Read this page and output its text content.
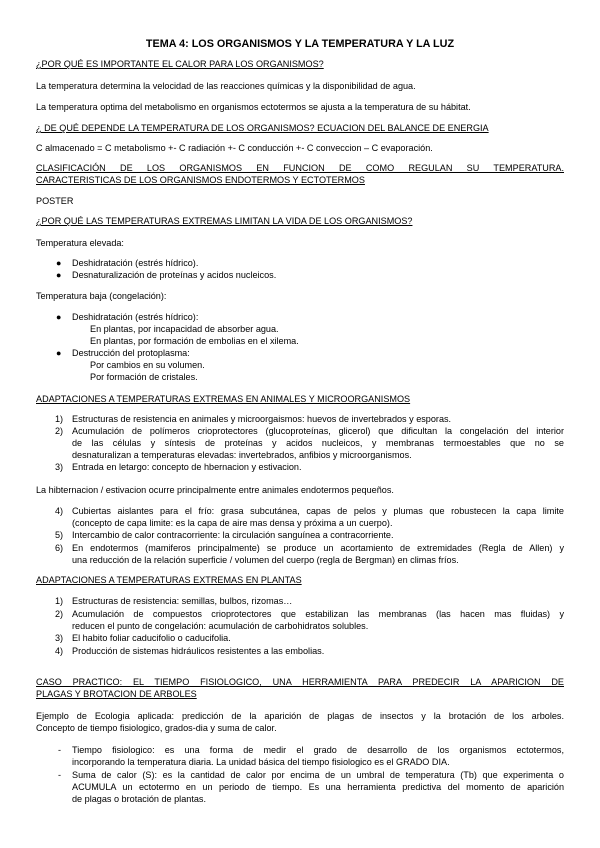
TEMA 4: LOS ORGANISMOS Y LA TEMPERATURA Y LA LUZ
¿POR QUÉ ES IMPORTANTE EL CALOR PARA LOS ORGANISMOS?
La temperatura determina la velocidad de las reacciones químicas y la disponibilidad de agua.
La temperatura optima del metabolismo en organismos ectotermos se ajusta a la temperatura de su hábitat.
¿ DE QUÉ DEPENDE LA TEMPERATURA DE LOS ORGANISMOS? ECUACION DEL BALANCE DE ENERGIA
C almacenado = C metabolismo +- C radiación +- C conducción +- C conveccion – C evaporación.
CLASIFICACIÓN DE LOS ORGANISMOS EN FUNCION DE COMO REGULAN SU TEMPERATURA.
CARACTERISTICAS DE LOS ORGANISMOS ENDOTERMOS Y ECTOTERMOS
POSTER
¿POR QUÉ LAS TEMPERATURAS EXTREMAS LIMITAN LA VIDA DE LOS ORGANISMOS?
Temperatura elevada:
● Deshidratación (estrés hídrico).
● Desnaturalización de proteínas y acidos nucleicos.
Temperatura baja (congelación):
● Deshidratación (estrés hídrico):
En plantas, por incapacidad de absorber agua.
En plantas, por formación de embolias en el xilema.
● Destrucción del protoplasma:
Por cambios en su volumen.
Por formación de cristales.
ADAPTACIONES A TEMPERATURAS EXTREMAS EN ANIMALES Y MICROORGANISMOS
1) Estructuras de resistencia en animales y microorgaismos: huevos de invertebrados y esporas.
2) Acumulación de polímeros crioprotectores (glucoproteínas, glicerol) que dificultan la congelación del interior
de las células y síntesis de proteínas y acidos nucleicos, y membranas termoestables que no se
desnaturalizan a temperaturas elevadas: invertebrados, anfibios y microorganismos.
3) Entrada en letargo: concepto de hbernacion y estivacion.
La hibternacion / estivacion ocurre principalmente entre animales endotermos pequeños.
4) Cubiertas aislantes para el frío: grasa subcutánea, capas de pelos y plumas que robustecen la capa limite
(concepto de capa limite: es la capa de aire mas densa y próxima a un cuerpo).
5) Intercambio de calor contracorriente: la circulación sanguínea a contracorriente.
6) En endotermos (mamiferos principalmente) se produce un acortamiento de extremidades (Regla de Allen) y
una reducción de la relación superficie / volumen del cuerpo (regla de Bergman) en climas fríos.
ADAPTACIONES A TEMPERATURAS EXTREMAS EN PLANTAS
1) Estructuras de resistencia: semillas, bulbos, rizomas…
2) Acumulación de compuestos crioprotectores que estabilizan las membranas (las hacen mas fluidas) y
reducen el punto de congelación: acumulación de carbohidratos solubles.
3) El habito foliar caducifolio o caducifolia.
4) Producción de sistemas hidráulicos resistentes a las embolias.
CASO PRACTICO: EL TIEMPO FISIOLOGICO, UNA HERRAMIENTA PARA PREDECIR LA APARICION DE
PLAGAS Y BROTACION DE ARBOLES
Ejemplo de Ecologia aplicada: predicción de la aparición de plagas de insectos y la brotación de los arboles.
Concepto de tiempo fisiologico, grados-dia y suma de calor.
- Tiempo fisiologico: es una forma de medir el grado de desarrollo de los organismos ectotermos,
incorporando la temperatura diaria. La unidad básica del tiempo fisiologico es el GRADO DIA.
- Suma de calor (S): es la cantidad de calor por encima de un umbral de temperatura (Tb) que experimenta o
ACUMULA un ectotermo en un periodo de tiempo. Es una herramienta predictiva del momento de aparición
de plagas o brotación de plantas.
